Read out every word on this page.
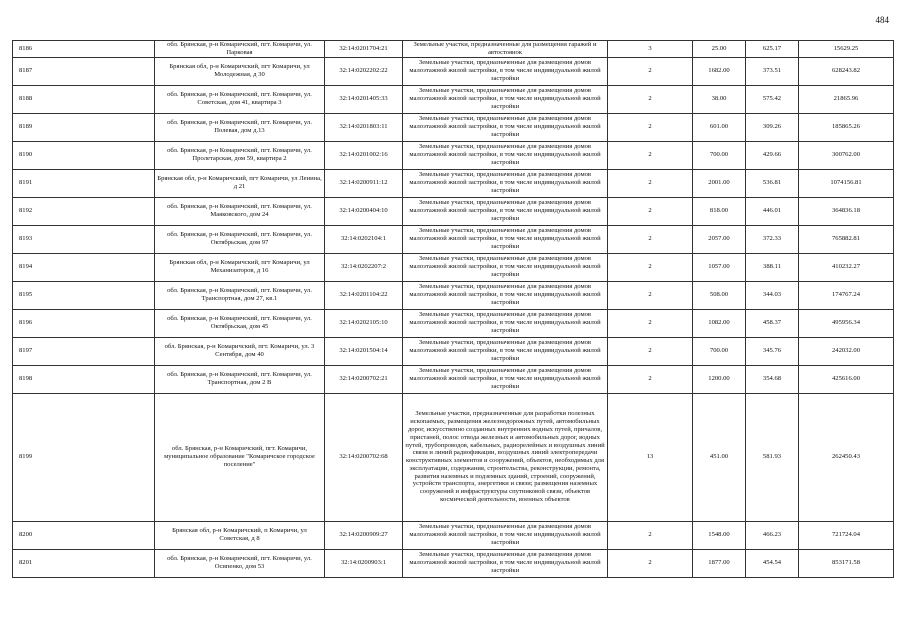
484
8186	обл. Брянская, р-н Комаричский, пгт. Комаричи, ул. Парковая	32:14:0201704:21	Земельные участки, предназначенные для размещения гаражей и автостоянок	3	25.00	625.17	15629.25
8187	Брянская обл, р-н Комаричский, пгт Комаричи, ул Молодежная, д 30	32:14:0202202:22	Земельные участки, предназначенные для размещения домов малоэтажной жилой застройки, в том числе индивидуальной жилой застройки	2	1682.00	373.51	628243.82
8188	обл. Брянская, р-н Комаричский, пгт. Комаричи, ул. Советская, дом 41, квартира 3	32:14:0201405:33	Земельные участки, предназначенные для размещения домов малоэтажной жилой застройки, в том числе индивидуальной жилой застройки	2	38.00	575.42	21865.96
8189	обл. Брянская, р-н Комаричский, пгт. Комаричи, ул. Полевая, дом д.13	32:14:0201803:11	Земельные участки, предназначенные для размещения домов малоэтажной жилой застройки, в том числе индивидуальной жилой застройки	2	601.00	309.26	185865.26
8190	обл. Брянская, р-н Комаричский, пгт. Комаричи, ул. Пролетарская, дом 59, квартира 2	32:14:0201002:16	Земельные участки, предназначенные для размещения домов малоэтажной жилой застройки, в том числе индивидуальной жилой застройки	2	700.00	429.66	300762.00
8191	Брянская обл, р-н Комаричский, пгт Комаричи, ул Ленина, д 21	32:14:0200911:12	Земельные участки, предназначенные для размещения домов малоэтажной жилой застройки, в том числе индивидуальной жилой застройки	2	2001.00	536.81	1074156.81
8192	обл. Брянская, р-н Комаричский, пгт. Комаричи, ул. Маяковского, дом 24	32:14:0200404:10	Земельные участки, предназначенные для размещения домов малоэтажной жилой застройки, в том числе индивидуальной жилой застройки	2	818.00	446.01	364836.18
8193	обл. Брянская, р-н Комаричский, пгт. Комаричи, ул. Октябрьская, дом 97	32:14:0202104:1	Земельные участки, предназначенные для размещения домов малоэтажной жилой застройки, в том числе индивидуальной жилой застройки	2	2057.00	372.33	765882.81
8194	Брянская обл, р-н Комаричский, пгт Комаричи, ул Механизаторов, д 16	32:14:0202207:2	Земельные участки, предназначенные для размещения домов малоэтажной жилой застройки, в том числе индивидуальной жилой застройки	2	1057.00	388.11	410232.27
8195	обл. Брянская, р-н Комаричский, пгт. Комаричи, ул. Транспортная, дом 27, кв.1	32:14:0201104:22	Земельные участки, предназначенные для размещения домов малоэтажной жилой застройки, в том числе индивидуальной жилой застройки	2	508.00	344.03	174767.24
8196	обл. Брянская, р-н Комаричский, пгт. Комаричи, ул. Октябрьская, дом 45	32:14:0202105:10	Земельные участки, предназначенные для размещения домов малоэтажной жилой застройки, в том числе индивидуальной жилой застройки	2	1082.00	458.37	495956.34
8197	обл. Брянская, р-н Комаричский, пгт. Комаричи, ул. 3 Сентября, дом 40	32:14:0201504:14	Земельные участки, предназначенные для размещения домов малоэтажной жилой застройки, в том числе индивидуальной жилой застройки	2	700.00	345.76	242032.00
8198	обл. Брянская, р-н Комаричский, пгт. Комаричи, ул. Транспортная, дом 2 В	32:14:0200702:21	Земельные участки, предназначенные для размещения домов малоэтажной жилой застройки, в том числе индивидуальной жилой застройки	2	1200.00	354.68	425616.00
8199	обл. Брянская, р-н Комаричский, пгт. Комаричи, муниципальное образование "Комаричское городское поселение"	32:14:0200702:68	Земельные участки, предназначенные для разработки полезных ископаемых, размещения железнодорожных путей, автомобильных дорог, искусственно созданных внутренних водных путей, причалов, пристаней, полос отвода железных и автомобильных дорог, водных путей, трубопроводов, кабельных, радиорелейных и воздушных линий связи и линий радиофикации, воздушных линий электропередачи конструктивных элементов и сооружений, объектов, необходимых для эксплуатации, содержания, строительства, реконструкции, ремонта, развития наземных и подземных зданий, строений, сооружений, устройств транспорта, энергетики и связи; размещения наземных сооружений и инфраструктуры спутниковой связи, объектов космической деятельности, военных объектов	13	451.00	581.93	262450.43
8200	Брянская обл, р-н Комаричский, п Комаричи, ул Советская, д 8	32:14:0200909:27	Земельные участки, предназначенные для размещения домов малоэтажной жилой застройки, в том числе индивидуальной жилой застройки	2	1548.00	466.23	721724.04
8201	обл. Брянская, р-н Комаричский, пгт. Комаричи, ул. Осипенко, дом 53	32:14:0200903:1	Земельные участки, предназначенные для размещения домов малоэтажной жилой застройки, в том числе индивидуальной жилой застройки	2	1877.00	454.54	853171.58
